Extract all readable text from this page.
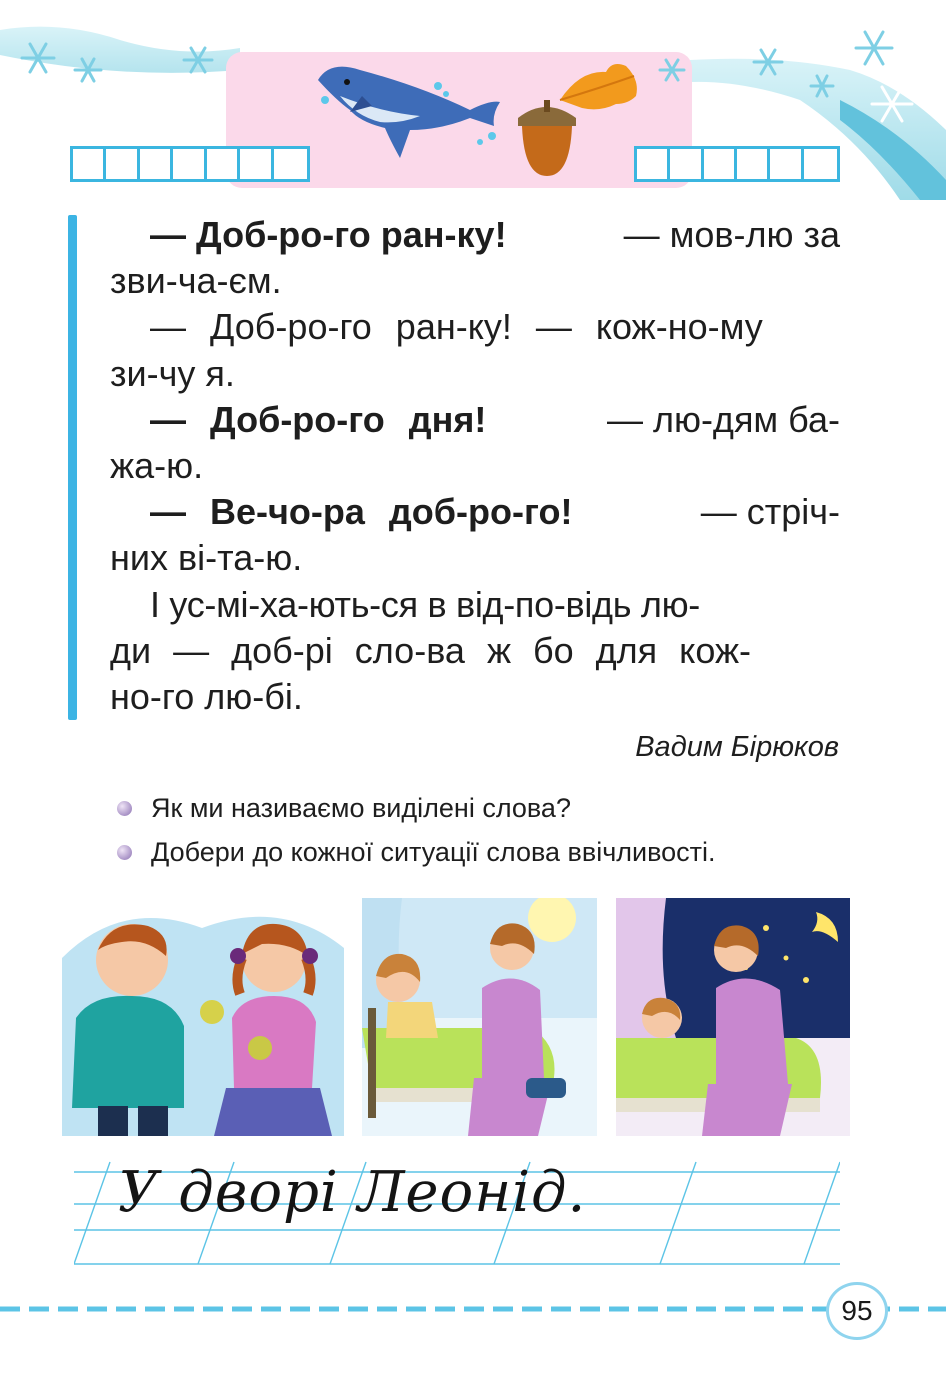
— Доб-ро-го ран-ку!	— мов-лю за
зви-ча-єм.
— Доб-ро-го ран-ку! — кож-но-му
зи-чу я.
— Доб-ро-го дня!	— лю-дям ба-
жа-ю.
— Ве-чо-ра доб-ро-го!	— стріч-
них ві-та-ю.
І ус-мі-ха-ють-ся в від-по-відь лю-
ди — доб-рі сло-ва ж бо для кож-
но-го лю-бі.
Вадим Бірюков
Як ми називаємо виділені слова?
Добери до кожної ситуації слова ввічливості.
У дворі Леонід.
95
